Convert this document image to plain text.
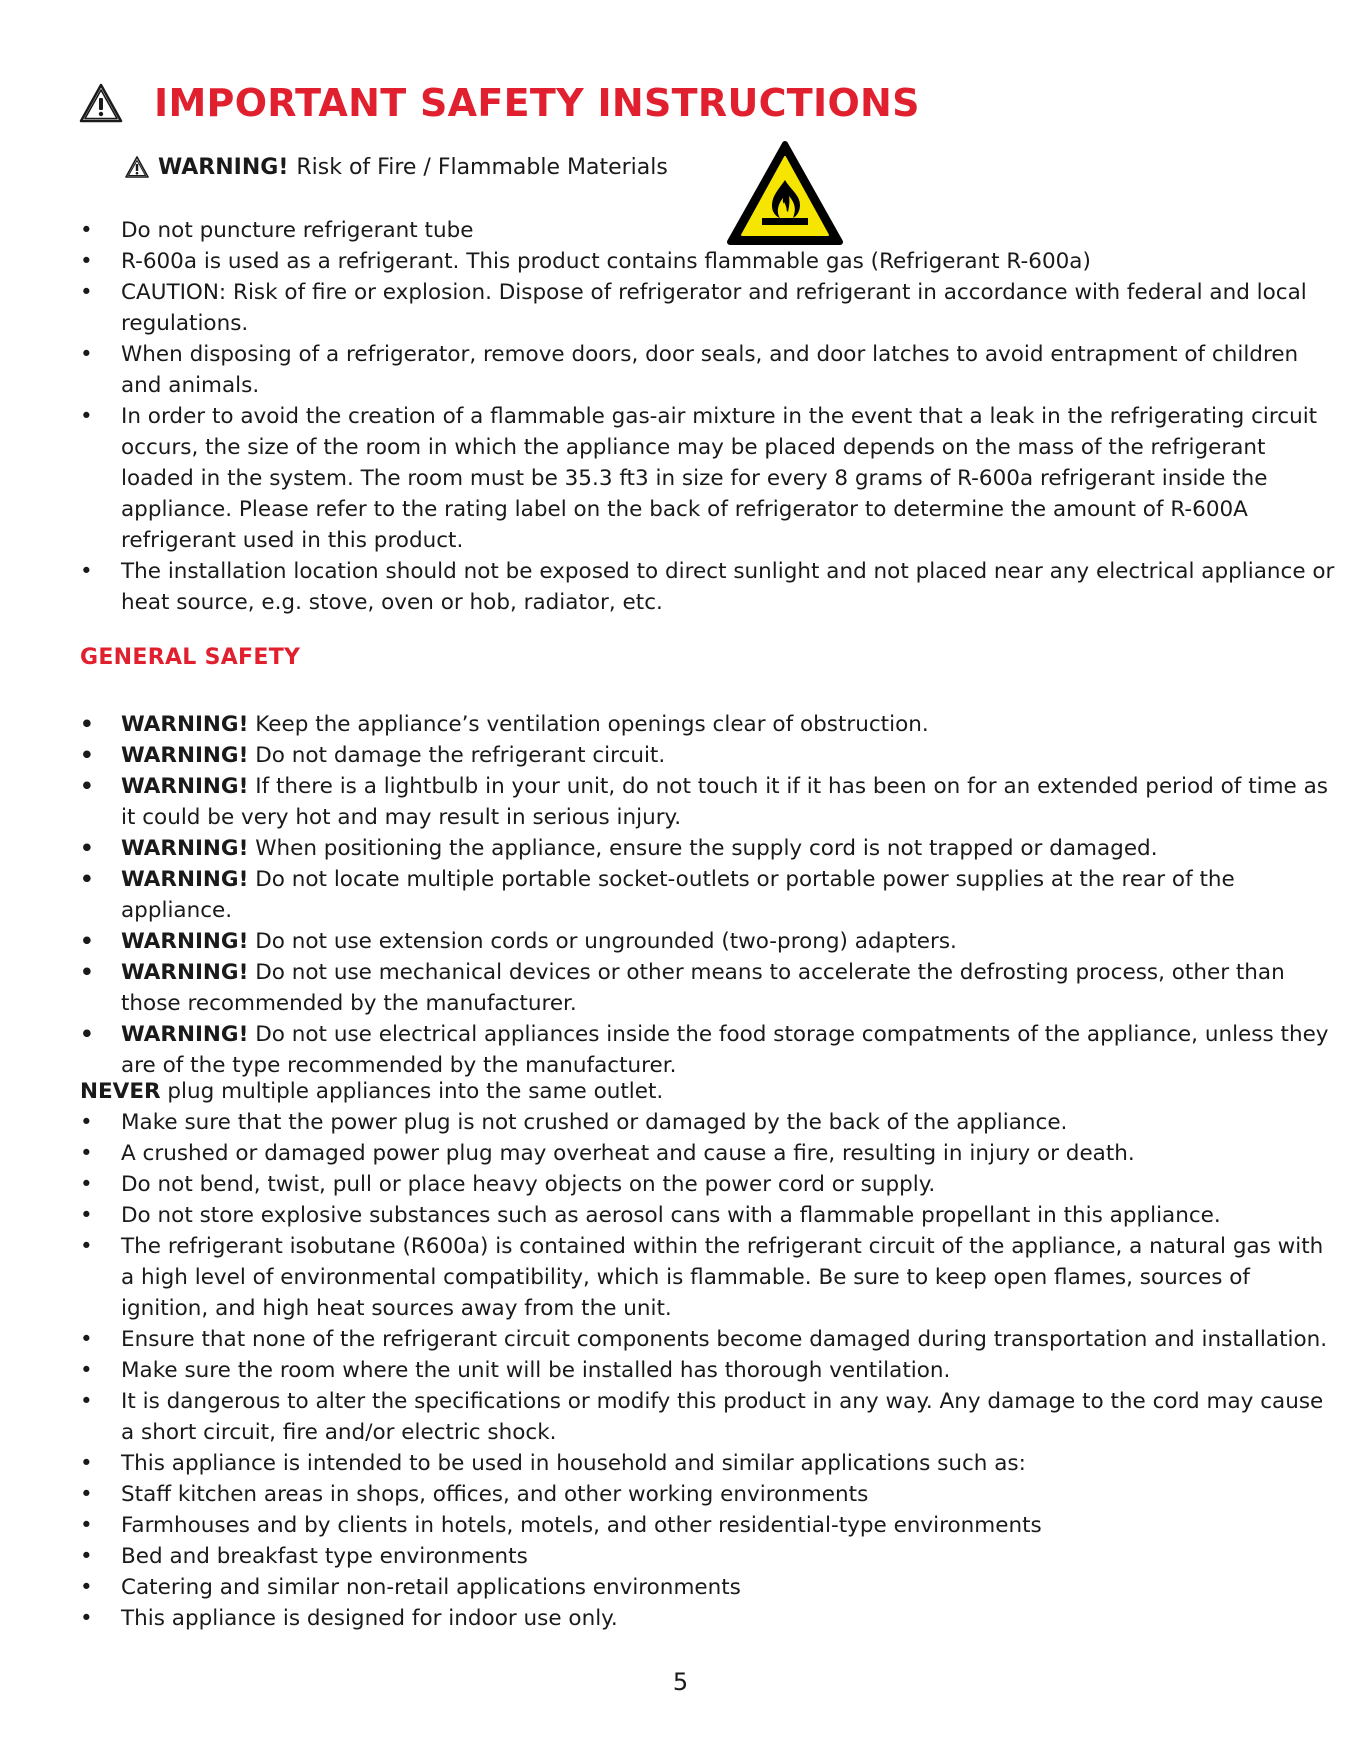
IMPORTANT SAFETY INSTRUCTIONS
WARNING! Risk of Fire / Flammable Materials
• Do not puncture refrigerant tube
• R-600a is used as a refrigerant. This product contains flammable gas (Refrigerant R-600a)
• CAUTION: Risk of fire or explosion. Dispose of refrigerator and refrigerant in accordance with federal and local regulations.
• When disposing of a refrigerator, remove doors, door seals, and door latches to avoid entrapment of children and animals.
• In order to avoid the creation of a flammable gas-air mixture in the event that a leak in the refrigerating circuit occurs, the size of the room in which the appliance may be placed depends on the mass of the refrigerant loaded in the system. The room must be 35.3 ft3 in size for every 8 grams of R-600a refrigerant inside the appliance. Please refer to the rating label on the back of refrigerator to determine the amount of R-600A refrigerant used in this product.
• The installation location should not be exposed to direct sunlight and not placed near any electrical appliance or heat source, e.g. stove, oven or hob, radiator, etc.
GENERAL SAFETY
• WARNING! Keep the appliance’s ventilation openings clear of obstruction.
• WARNING! Do not damage the refrigerant circuit.
• WARNING! If there is a lightbulb in your unit, do not touch it if it has been on for an extended period of time as it could be very hot and may result in serious injury.
• WARNING! When positioning the appliance, ensure the supply cord is not trapped or damaged.
• WARNING! Do not locate multiple portable socket-outlets or portable power supplies at the rear of the appliance.
• WARNING! Do not use extension cords or ungrounded (two-prong) adapters.
• WARNING! Do not use mechanical devices or other means to accelerate the defrosting process, other than those recommended by the manufacturer.
• WARNING! Do not use electrical appliances inside the food storage compatments of the appliance, unless they are of the type recommended by the manufacturer.
NEVER plug multiple appliances into the same outlet.
• Make sure that the power plug is not crushed or damaged by the back of the appliance.
• A crushed or damaged power plug may overheat and cause a fire, resulting in injury or death.
• Do not bend, twist, pull or place heavy objects on the power cord or supply.
• Do not store explosive substances such as aerosol cans with a flammable propellant in this appliance.
• The refrigerant isobutane (R600a) is contained within the refrigerant circuit of the appliance, a natural gas with a high level of environmental compatibility, which is flammable. Be sure to keep open flames, sources of ignition, and high heat sources away from the unit.
• Ensure that none of the refrigerant circuit components become damaged during transportation and installation.
• Make sure the room where the unit will be installed has thorough ventilation.
• It is dangerous to alter the specifications or modify this product in any way. Any damage to the cord may cause a short circuit, fire and/or electric shock.
• This appliance is intended to be used in household and similar applications such as:
• Staff kitchen areas in shops, offices, and other working environments
• Farmhouses and by clients in hotels, motels, and other residential-type environments
• Bed and breakfast type environments
• Catering and similar non-retail applications environments
• This appliance is designed for indoor use only.
5
